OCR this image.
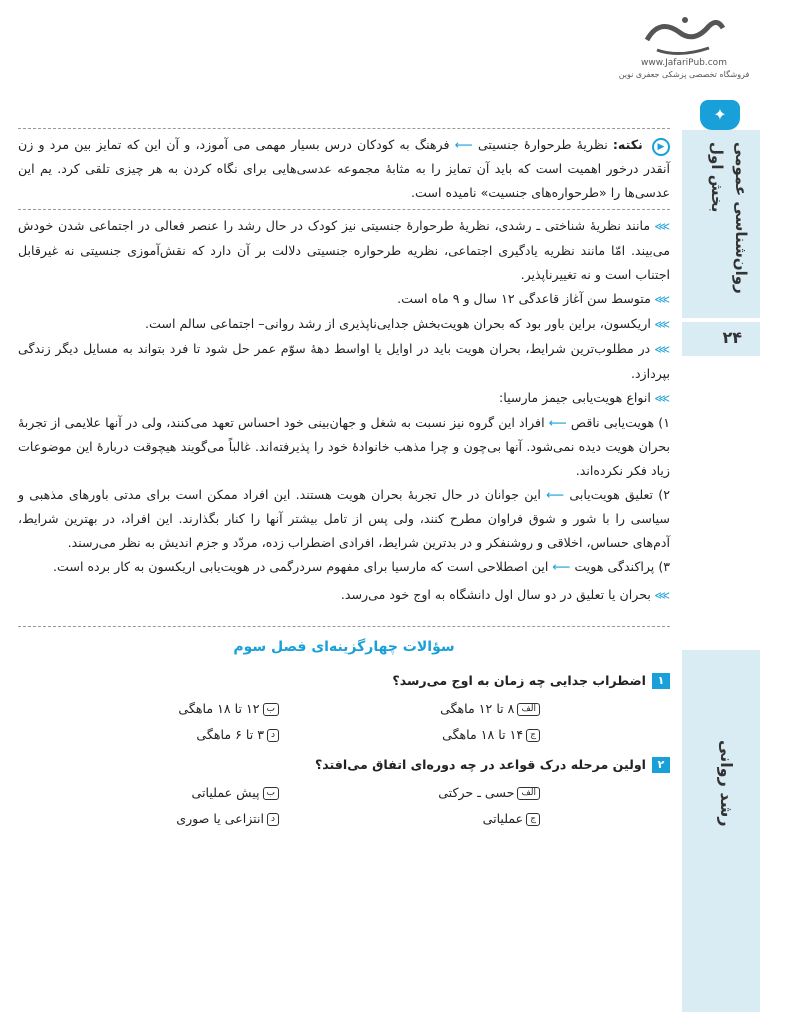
www.JafariPub.com
فروشگاه تخصصی پزشکی جعفری نوین
✦
بخش اول روان‌شناسی عمومی
۲۴
رشد روانی

▶ نکته: نظریهٔ طرحوارهٔ جنسیتی ⟵ فرهنگ به کودکان درس بسیار مهمی می آموزد، و آن این که تمایز بین مرد و زن آنقدر درخور اهمیت است که باید آن تمایز را به مثابهٔ مجموعه عدسی‌هایی برای نگاه کردن به هر چیزی تلقی کرد. یم این عدسی‌ها را «طرحواره‌های جنسیت» نامیده است.

⋙ مانند نظریهٔ شناختی ـ رشدی، نظریهٔ طرحوارهٔ جنسیتی نیز کودک در حال رشد را عنصر فعالی در اجتماعی شدن خودش می‌بیند. امّا مانند نظریه یادگیری اجتماعی، نظریه طرحواره جنسیتی دلالت بر آن دارد که نقش‌آموزی جنسیتی نه غیرقابل اجتناب است و نه تغییرناپذیر.

⋙ متوسط سن آغاز قاعدگی ۱۲ سال و ۹ ماه است.

⋙ اریکسون، براین باور بود که بحران هویت‌بخش جدایی‌ناپذیری از رشد روانی– اجتماعی سالم است.

⋙ در مطلوب‌ترین شرایط، بحران هویت باید در اوایل یا اواسط دههٔ سوّم عمر حل شود تا فرد بتواند به مسایل دیگر زندگی بپردازد.

⋙ انواع هویت‌یابی جیمز مارسیا:

۱) هویت‌یابی ناقص ⟵ افراد این گروه نیز نسبت به شغل و جهان‌بینی خود احساس تعهد می‌کنند، ولی در آنها علایمی از تجربهٔ بحران هویت دیده نمی‌شود. آنها بی‌چون و چرا مذهب خانوادهٔ خود را پذیرفته‌اند. غالباً می‌گویند هیچوقت دربارهٔ این موضوعات زیاد فکر نکرده‌اند.

۲) تعلیق هویت‌یابی ⟵ این جوانان در حال تجربهٔ بحران هویت هستند. این افراد ممکن است برای مدتی باورهای مذهبی و سیاسی را با شور و شوق فراوان مطرح کنند، ولی پس از تامل بیشتر آنها را کنار بگذارند. این افراد، در بهترین شرایط، آدم‌های حساس، اخلاقی و روشنفکر و در بدترین شرایط، افرادی اضطراب زده، مردّد و جزم اندیش به نظر می‌رسند.

۳) پراکندگی هویت ⟵ این اصطلاحی است که مارسیا برای مفهوم سردرگمی در هویت‌یابی اریکسون به کار برده است.

⋙ بحران یا تعلیق در دو سال اول دانشگاه به اوج خود می‌رسد.

سؤالات چهارگزینه‌ای فصل سوم
۱
اضطراب جدایی چه زمان به اوج می‌رسد؟
الف
۸ تا ۱۲ ماهگی
ب
۱۲ تا ۱۸ ماهگی
ج
۱۴ تا ۱۸ ماهگی
د
۳ تا ۶ ماهگی
۲
اولین مرحله درک قواعد در چه دوره‌ای اتفاق می‌افتد؟
الف
حسی ـ حرکتی
ب
پیش عملیاتی
ج
عملیاتی
د
انتزاعی یا صوری
